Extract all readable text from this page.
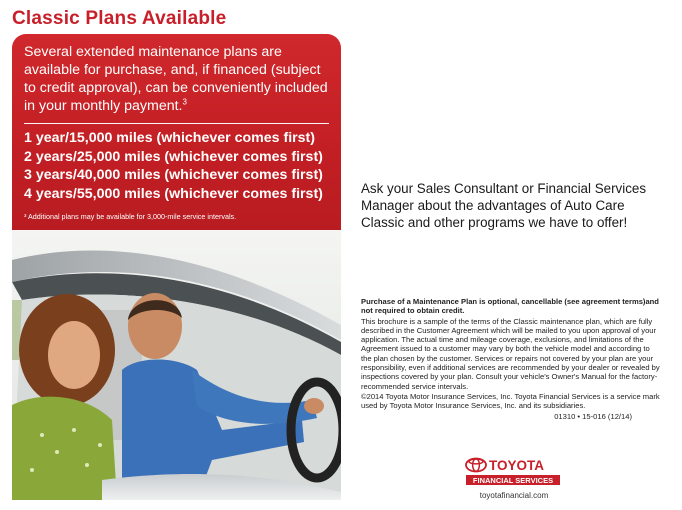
Classic Plans Available
Several extended maintenance plans are available for purchase, and, if financed (subject to credit approval), can be conveniently included in your monthly payment.$^3$
1 year/15,000 miles (whichever comes first)
2 years/25,000 miles (whichever comes first)
3 years/40,000 miles (whichever comes first)
4 years/55,000 miles (whichever comes first)
³ Additional plans may be available for 3,000-mile service intervals.
Ask your Sales Consultant or Financial Services Manager about the advantages of Auto Care Classic and other programs we have to offer!

Purchase of a Maintenance Plan is optional, cancellable (see agreement terms)and not required to obtain credit.

This brochure is a sample of the terms of the Classic maintenance plan, which are fully described in the Customer Agreement which will be mailed to you upon approval of your application. The actual time and mileage coverage, exclusions, and limitations of the Agreement issued to a customer may vary by both the vehicle model and according to the plan chosen by the customer. Services or repairs not covered by your plan are your responsibility, even if additional services are recommended by your dealer or revealed by inspections covered by your plan. Consult your vehicle's Owner's Manual for the factory-recommended service intervals.

©2014 Toyota Motor Insurance Services, Inc. Toyota Financial Services is a service mark used by Toyota Motor Insurance Services, Inc. and its subsidiaries.

01310 • 15-016 (12/14)

TOYOTA
FINANCIAL SERVICES
toyotafinancial.com
